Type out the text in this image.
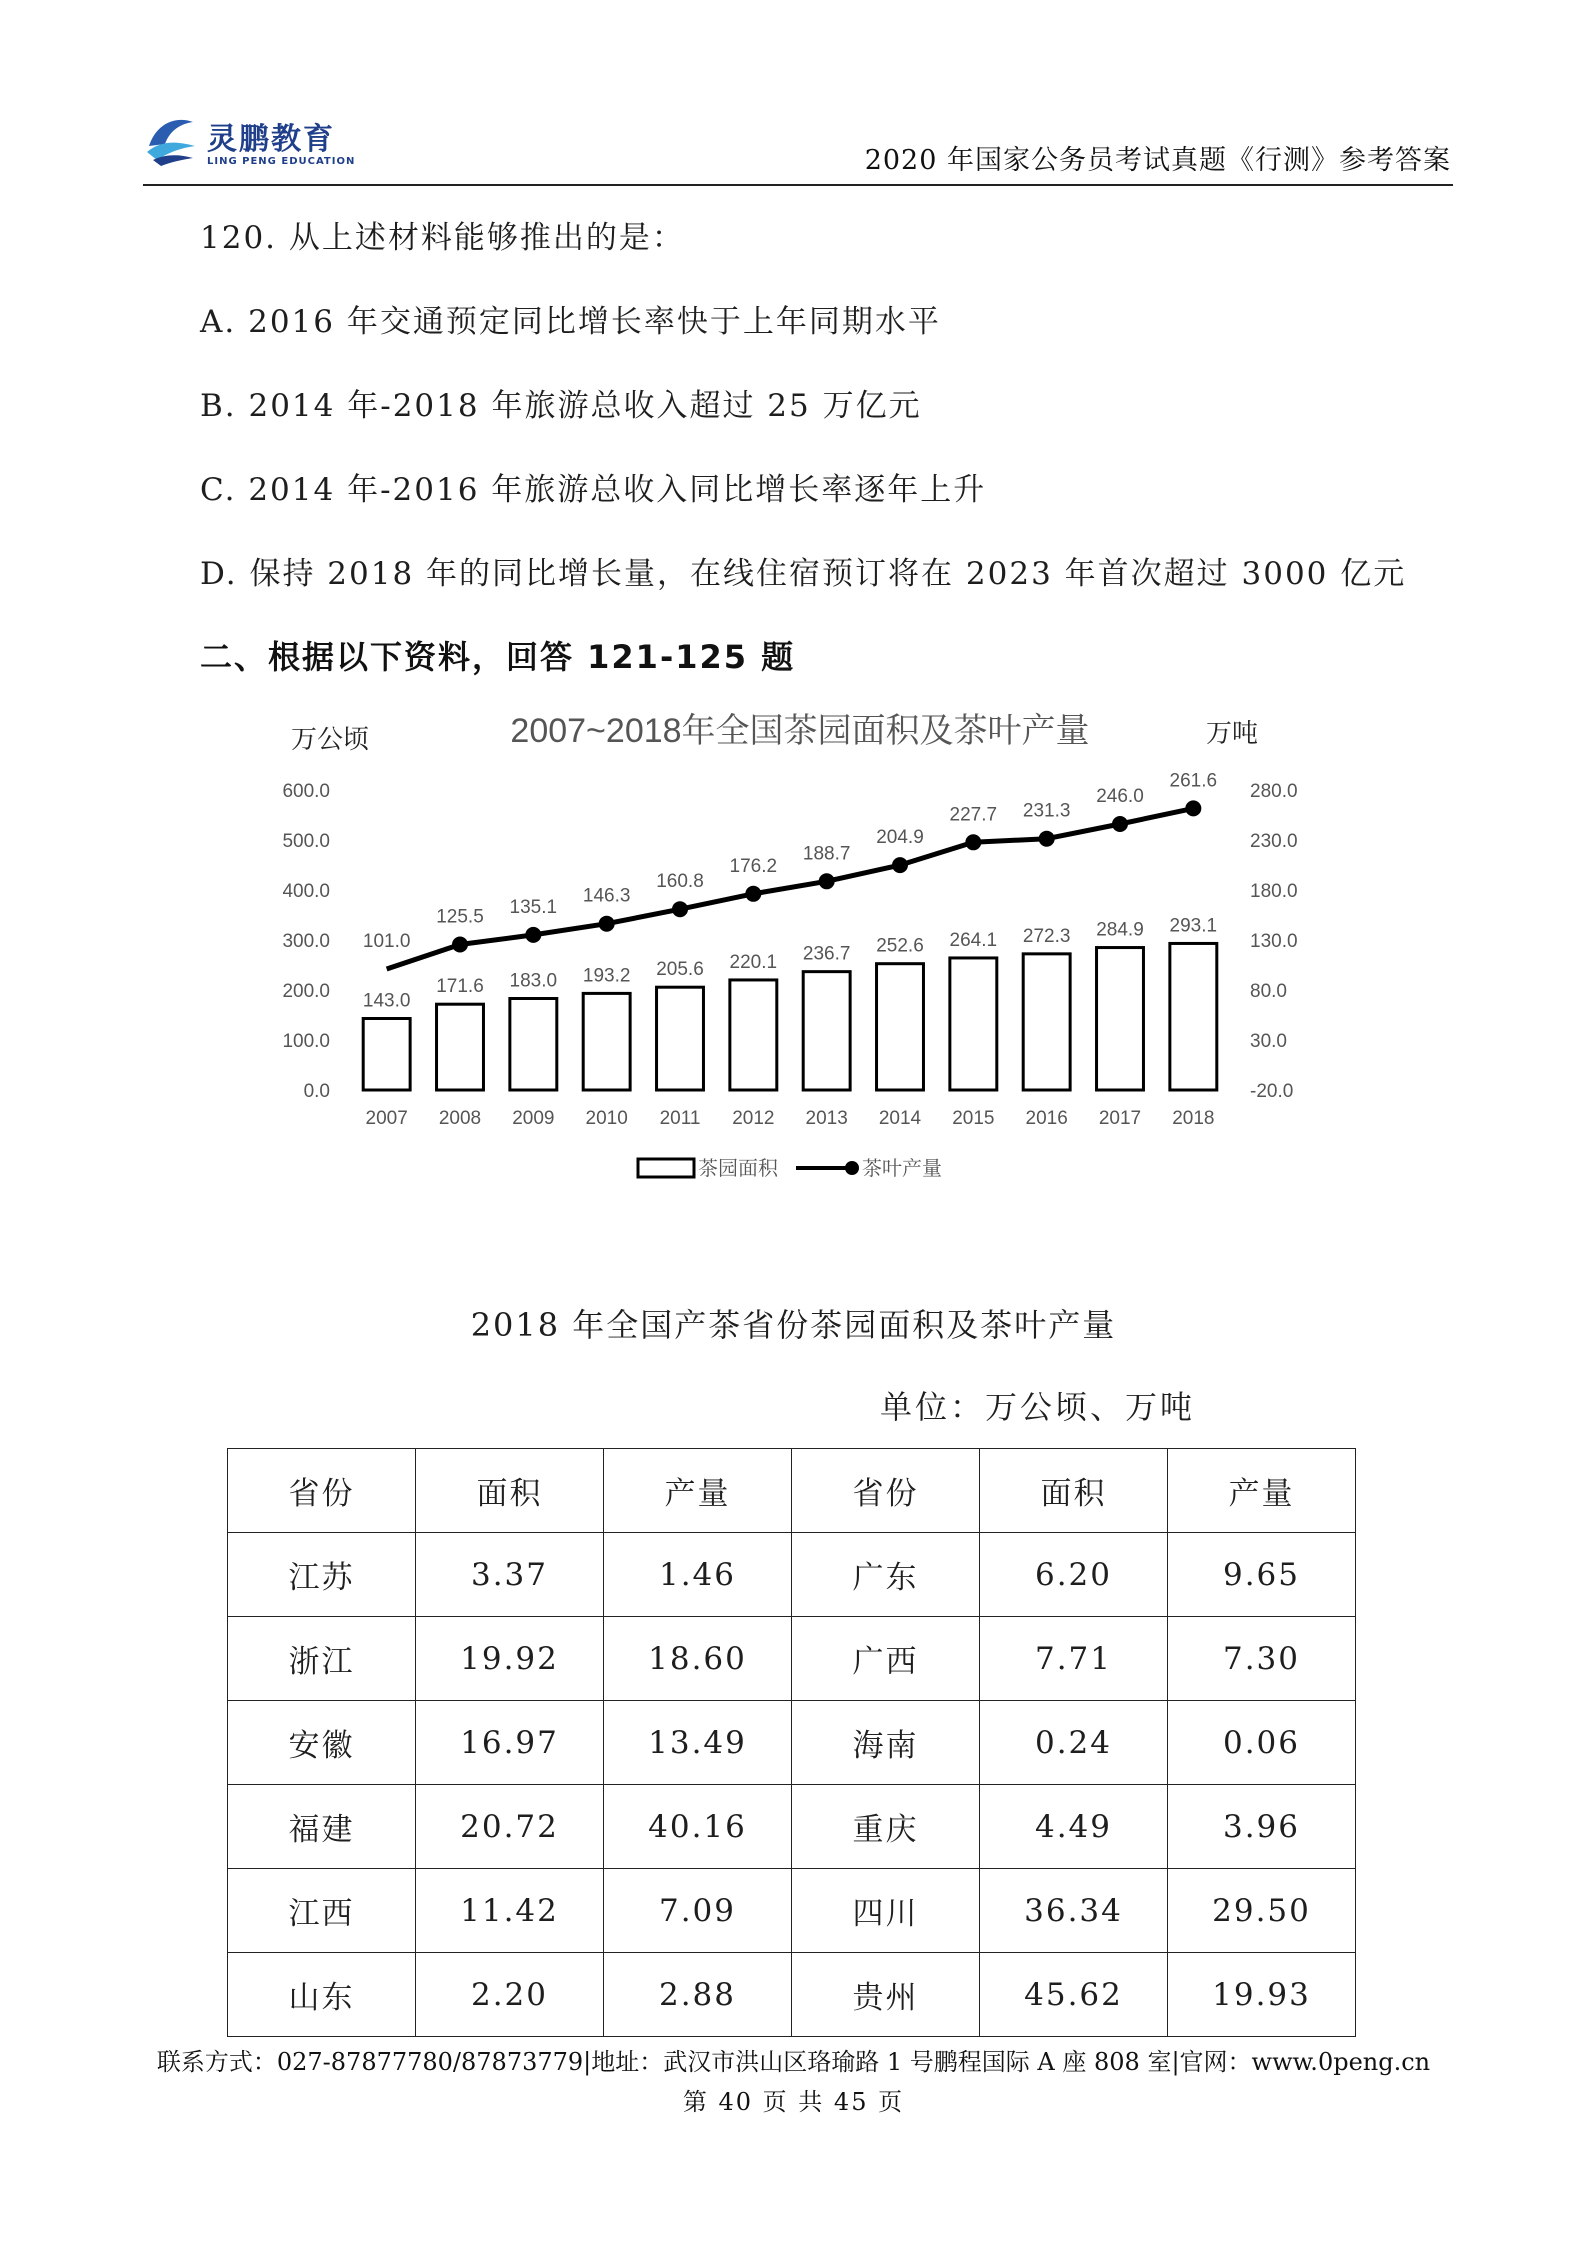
灵鹏教育
LING PENG EDUCATION	2020 年国家公务员考试真题《行测》参考答案
120. 从上述材料能够推出的是：
A. 2016 年交通预定同比增长率快于上年同期水平
B. 2014 年-2018 年旅游总收入超过 25 万亿元
C. 2014 年-2016 年旅游总收入同比增长率逐年上升
D. 保持 2018 年的同比增长量，在线住宿预订将在 2023 年首次超过 3000 亿元
二、根据以下资料，回答 121-125 题
2007~2018年全国茶园面积及茶叶产量
万公顷	万吨
0.0
100.0
200.0
300.0
400.0
500.0
600.0
-20.0
30.0
80.0
130.0
180.0
230.0
280.0
143.0
171.6 183.0 193.2 205.6 220.1 236.7 252.6 264.1 272.3 284.9 293.1
101.0
125.5 135.1
146.3
160.8
176.2
188.7
204.9
227.7 231.3
246.0
261.6
2007 2008 2009 2010 2011 2012 2013 2014 2015 2016 2017 2018
茶园面积	茶叶产量
2018 年全国产茶省份茶园面积及茶叶产量
单位：万公顷、万吨
省份	面积	产量	省份	面积	产量
江苏	3.37	1.46	广东	6.20	9.65
浙江	19.92	18.60	广西	7.71	7.30
安徽	16.97	13.49	海南	0.24	0.06
福建	20.72	40.16	重庆	4.49	3.96
江西	11.42	7.09	四川	36.34	29.50
山东	2.20	2.88	贵州	45.62	19.93
联系方式：027-87877780/87873779|地址：武汉市洪山区珞瑜路 1 号鹏程国际 A 座 808 室|官网：www.0peng.cn
第 40 页 共 45 页
